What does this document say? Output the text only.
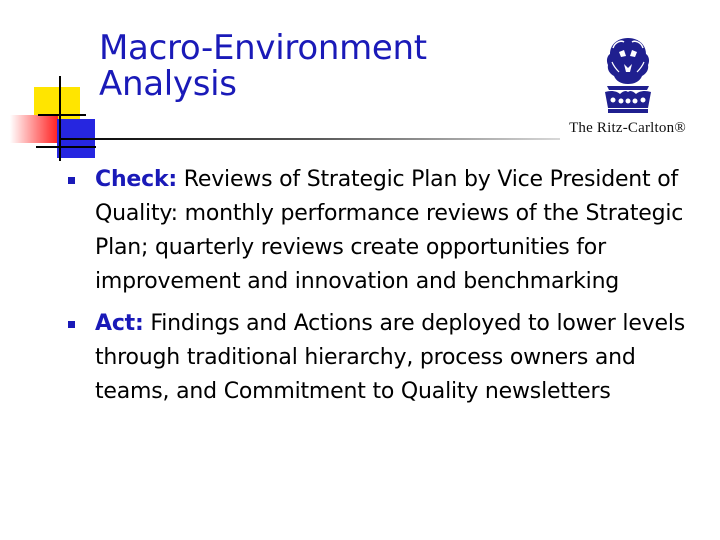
Macro-Environment
Analysis
The Ritz-Carlton®
Check: Reviews of Strategic Plan by Vice President of Quality: monthly performance reviews of the Strategic Plan; quarterly reviews create opportunities for improvement and innovation and benchmarking
Act: Findings and Actions are deployed to lower levels through traditional hierarchy, process owners and teams, and Commitment to Quality newsletters
